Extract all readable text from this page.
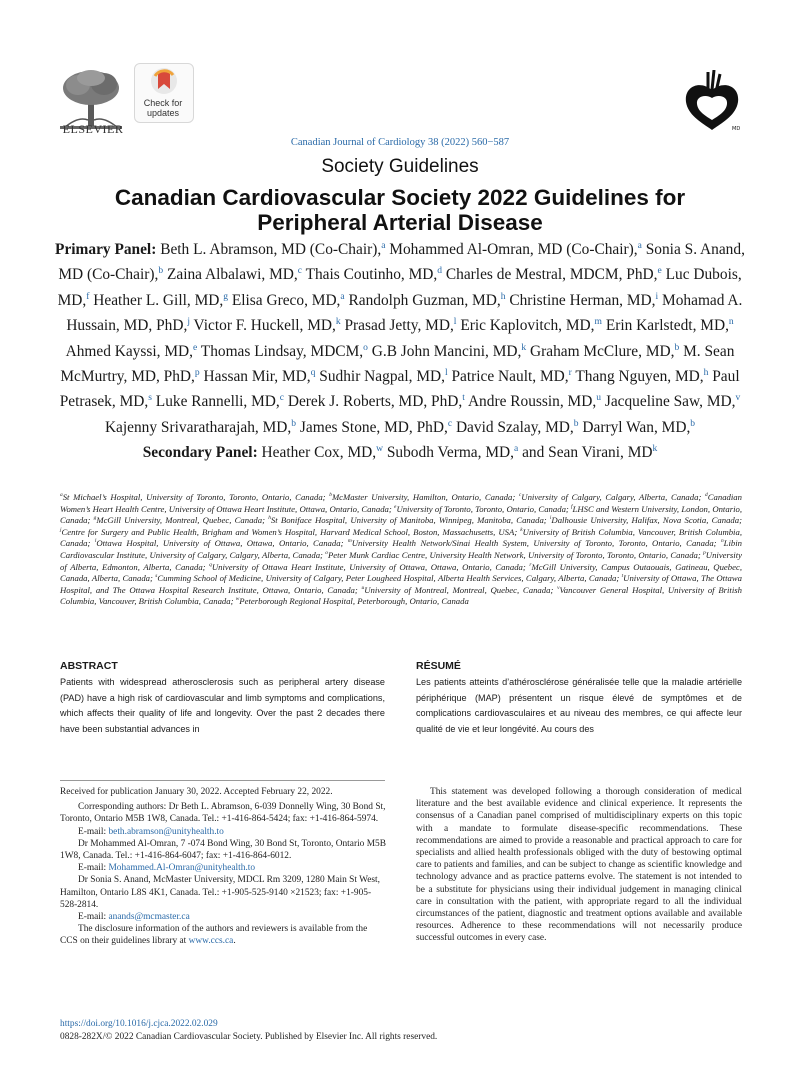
ELSEVIER
Check for
updates
MD
Canadian Journal of Cardiology 38 (2022) 560−587
Society Guidelines
Canadian Cardiovascular Society 2022 Guidelines for
Peripheral Arterial Disease
Primary Panel: Beth L. Abramson, MD (Co-Chair),$^a$ Mohammed Al-Omran, MD (Co-Chair),$^a$ Sonia S. Anand, MD (Co-Chair),$^b$ Zaina Albalawi, MD,$^c$ Thais Coutinho, MD,$^d$ Charles de Mestral, MDCM, PhD,$^e$ Luc Dubois, MD,$^f$ Heather L. Gill, MD,$^g$ Elisa Greco, MD,$^a$ Randolph Guzman, MD,$^h$ Christine Herman, MD,$^i$ Mohamad A. Hussain, MD, PhD,$^j$ Victor F. Huckell, MD,$^k$ Prasad Jetty, MD,$^l$ Eric Kaplovitch, MD,$^m$ Erin Karlstedt, MD,$^n$ Ahmed Kayssi, MD,$^e$ Thomas Lindsay, MDCM,$^o$ G.B John Mancini, MD,$^k$ Graham McClure, MD,$^b$ M. Sean McMurtry, MD, PhD,$^p$ Hassan Mir, MD,$^q$ Sudhir Nagpal, MD,$^l$ Patrice Nault, MD,$^r$ Thang Nguyen, MD,$^h$ Paul Petrasek, MD,$^s$ Luke Rannelli, MD,$^c$ Derek J. Roberts, MD, PhD,$^t$ Andre Roussin, MD,$^u$ Jacqueline Saw, MD,$^v$ Kajenny Srivaratharajah, MD,$^b$ James Stone, MD, PhD,$^c$ David Szalay, MD,$^b$ Darryl Wan, MD,$^b$
Secondary Panel: Heather Cox, MD,$^w$ Subodh Verma, MD,$^a$ and Sean Virani, MD$^k$
$^a$St Michael’s Hospital, University of Toronto, Toronto, Ontario, Canada; $^b$McMaster University, Hamilton, Ontario, Canada; $^c$University of Calgary, Calgary, Alberta, Canada; $^d$Canadian Women’s Heart Health Centre, University of Ottawa Heart Institute, Ottawa, Ontario, Canada; $^e$University of Toronto, Toronto, Ontario, Canada; $^f$LHSC and Western University, London, Ontario, Canada; $^g$McGill University, Montreal, Quebec, Canada; $^h$St Boniface Hospital, University of Manitoba, Winnipeg, Manitoba, Canada; $^i$Dalhousie University, Halifax, Nova Scotia, Canada; $^j$Centre for Surgery and Public Health, Brigham and Women’s Hospital, Harvard Medical School, Boston, Massachusetts, USA; $^k$University of British Columbia, Vancouver, British Columbia, Canada; $^l$Ottawa Hospital, University of Ottawa, Ottawa, Ontario, Canada; $^m$University Health Network/Sinai Health System, University of Toronto, Toronto, Ontario, Canada; $^n$Libin Cardiovascular Institute, University of Calgary, Calgary, Alberta, Canada; $^o$Peter Munk Cardiac Centre, University Health Network, University of Toronto, Toronto, Ontario, Canada; $^p$University of Alberta, Edmonton, Alberta, Canada; $^q$University of Ottawa Heart Institute, University of Ottawa, Ottawa, Ontario, Canada; $^r$McGill University, Campus Outaouais, Gatineau, Quebec, Canada, Alberta, Canada; $^s$Cumming School of Medicine, University of Calgary, Peter Lougheed Hospital, Alberta Health Services, Calgary, Alberta, Canada; $^t$University of Ottawa, The Ottawa Hospital, and The Ottawa Hospital Research Institute, Ottawa, Ontario, Canada; $^u$University of Montreal, Montreal, Quebec, Canada; $^v$Vancouver General Hospital, University of British Columbia, Vancouver, British Columbia, Canada; $^w$Peterborough Regional Hospital, Peterborough, Ontario, Canada
ABSTRACT
Patients with widespread atherosclerosis such as peripheral artery disease (PAD) have a high risk of cardiovascular and limb symptoms and complications, which affects their quality of life and longevity. Over the past 2 decades there have been substantial advances in
RÉSUMÉ
Les patients atteints d’athérosclérose généralisée telle que la maladie artérielle périphérique (MAP) présentent un risque élevé de symptômes et de complications cardiovasculaires et au niveau des membres, ce qui affecte leur qualité de vie et leur longévité. Au cours des

Received for publication January 30, 2022. Accepted February 22, 2022.

Corresponding authors: Dr Beth L. Abramson, 6-039 Donnelly Wing, 30 Bond St, Toronto, Ontario M5B 1W8, Canada. Tel.: +1-416-864-5424; fax: +1-416-864-5974.

E-mail: beth.abramson@unityhealth.to

Dr Mohammed Al-Omran, 7 -074 Bond Wing, 30 Bond St, Toronto, Ontario M5B 1W8, Canada. Tel.: +1-416-864-6047; fax: +1-416-864-6012.

E-mail: Mohammed.Al-Omran@unityhealth.to

Dr Sonia S. Anand, McMaster University, MDCL Rm 3209, 1280 Main St West, Hamilton, Ontario L8S 4K1, Canada. Tel.: +1-905-525-9140 ×21523; fax: +1-905-528-2814.

E-mail: anands@mcmaster.ca

The disclosure information of the authors and reviewers is available from the CCS on their guidelines library at www.ccs.ca.

This statement was developed following a thorough consideration of medical literature and the best available evidence and clinical experience. It represents the consensus of a Canadian panel comprised of multidisciplinary experts on this topic with a mandate to formulate disease-specific recommendations. These recommendations are aimed to provide a reasonable and practical approach to care for specialists and allied health professionals obliged with the duty of bestowing optimal care to patients and families, and can be subject to change as scientific knowledge and technology advance and as practice patterns evolve. The statement is not intended to be a substitute for physicians using their individual judgement in managing clinical care in consultation with the patient, with appropriate regard to all the individual circumstances of the patient, diagnostic and treatment options available and available resources. Adherence to these recommendations will not necessarily produce successful outcomes in every case.
https://doi.org/10.1016/j.cjca.2022.02.029
0828-282X/© 2022 Canadian Cardiovascular Society. Published by Elsevier Inc. All rights reserved.
